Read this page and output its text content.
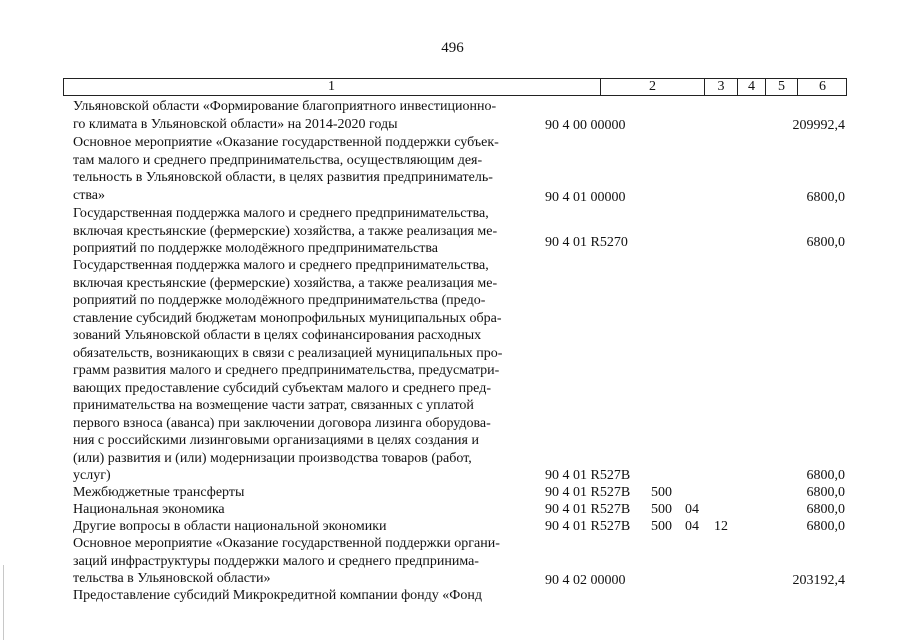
496
1	2	3	4	5	6
Ульяновской области «Формирование благоприятного инвестиционно-
го климата в Ульяновской области» на 2014-2020 годы	90 4 00 00000	209992,4
Основное мероприятие «Оказание государственной поддержки субъек-
там малого и среднего предпринимательства, осуществляющим дея-
тельность в Ульяновской области, в целях развития предприниматель-
ства»	90 4 01 00000	6800,0
Государственная поддержка малого и среднего предпринимательства,
включая крестьянские (фермерские) хозяйства, а также реализация ме-
роприятий по поддержке молодёжного предпринимательства	90 4 01 R5270	6800,0
Государственная поддержка малого и среднего предпринимательства,
включая крестьянские (фермерские) хозяйства, а также реализация ме-
роприятий по поддержке молодёжного предпринимательства (предо-
ставление субсидий бюджетам монопрофильных муниципальных обра-
зований Ульяновской области в целях софинансирования расходных
обязательств, возникающих в связи с реализацией муниципальных про-
грамм развития малого и среднего предпринимательства, предусматри-
вающих предоставление субсидий субъектам малого и среднего пред-
принимательства на возмещение части затрат, связанных с уплатой
первого взноса (аванса) при заключении договора лизинга оборудова-
ния с российскими лизинговыми организациями в целях создания и
(или) развития и (или) модернизации производства товаров (работ,
услуг)	90 4 01 R527B	6800,0
Межбюджетные трансферты	90 4 01 R527B 500	6800,0
Национальная экономика	90 4 01 R527B 500 04	6800,0
Другие вопросы в области национальной экономики	90 4 01 R527B 500 04 12	6800,0
Основное мероприятие «Оказание государственной поддержки органи-
заций инфраструктуры поддержки малого и среднего предпринима-
тельства в Ульяновской области»	90 4 02 00000	203192,4
Предоставление субсидий Микрокредитной компании фонду «Фонд
